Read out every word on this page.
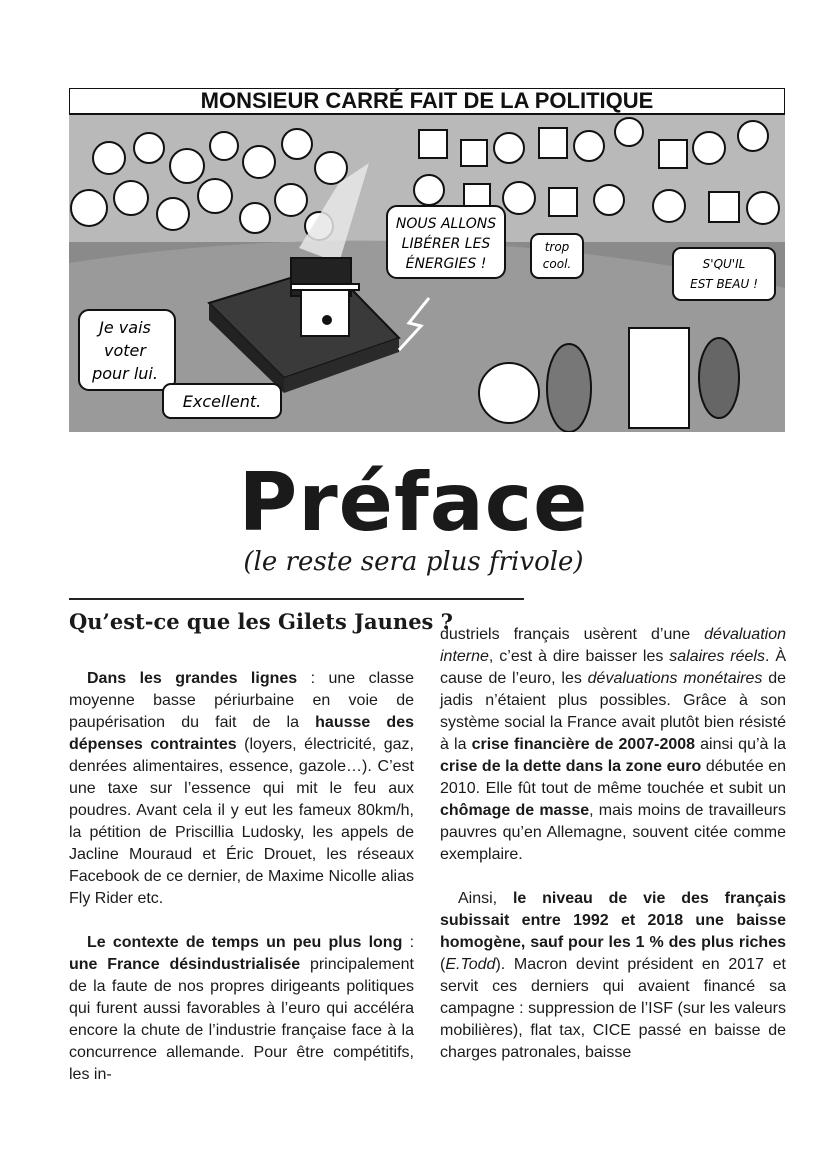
MONSIEUR CARRÉ FAIT DE LA POLITIQUE
NOUS ALLONS
LIBÉRER LES
ÉNERGIES !
trop
cool.	S'QU'IL
EST BEAU !
Je vais
voter
pour lui.
Excellent.
Préface

(le reste sera plus frivole)

Qu’est-ce que les Gilets Jaunes ?

Dans les grandes lignes : une classe moyenne basse périurbaine en voie de paupérisation du fait de la hausse des dépenses contraintes (loyers, électricité, gaz, denrées alimentaires, essence, gazole…). C’est une taxe sur l’essence qui mit le feu aux poudres. Avant cela il y eut les fameux 80km/h, la pétition de Priscillia Ludosky, les appels de Jacline Mouraud et Éric Drouet, les réseaux Facebook de ce dernier, de Maxime Nicolle alias Fly Rider etc.

Le contexte de temps un peu plus long : une France désindustrialisée principalement de la faute de nos propres dirigeants politiques qui furent aussi favorables à l’euro qui accéléra encore la chute de l’industrie française face à la concurrence allemande. Pour être compétitifs, les in-

dustriels français usèrent d’une dévaluation interne, c’est à dire baisser les salaires réels. À cause de l’euro, les dévaluations monétaires de jadis n’étaient plus possibles. Grâce à son système social la France avait plutôt bien résisté à la crise financière de 2007-2008 ainsi qu’à la crise de la dette dans la zone euro débutée en 2010. Elle fût tout de même touchée et subit un chômage de masse, mais moins de travailleurs pauvres qu’en Allemagne, souvent citée comme exemplaire.

Ainsi, le niveau de vie des français subissait entre 1992 et 2018 une baisse homogène, sauf pour les 1 % des plus riches (E.Todd). Macron devint président en 2017 et servit ces derniers qui avaient financé sa campagne : suppression de l’ISF (sur les valeurs mobilières), flat tax, CICE passé en baisse de charges patronales, baisse
